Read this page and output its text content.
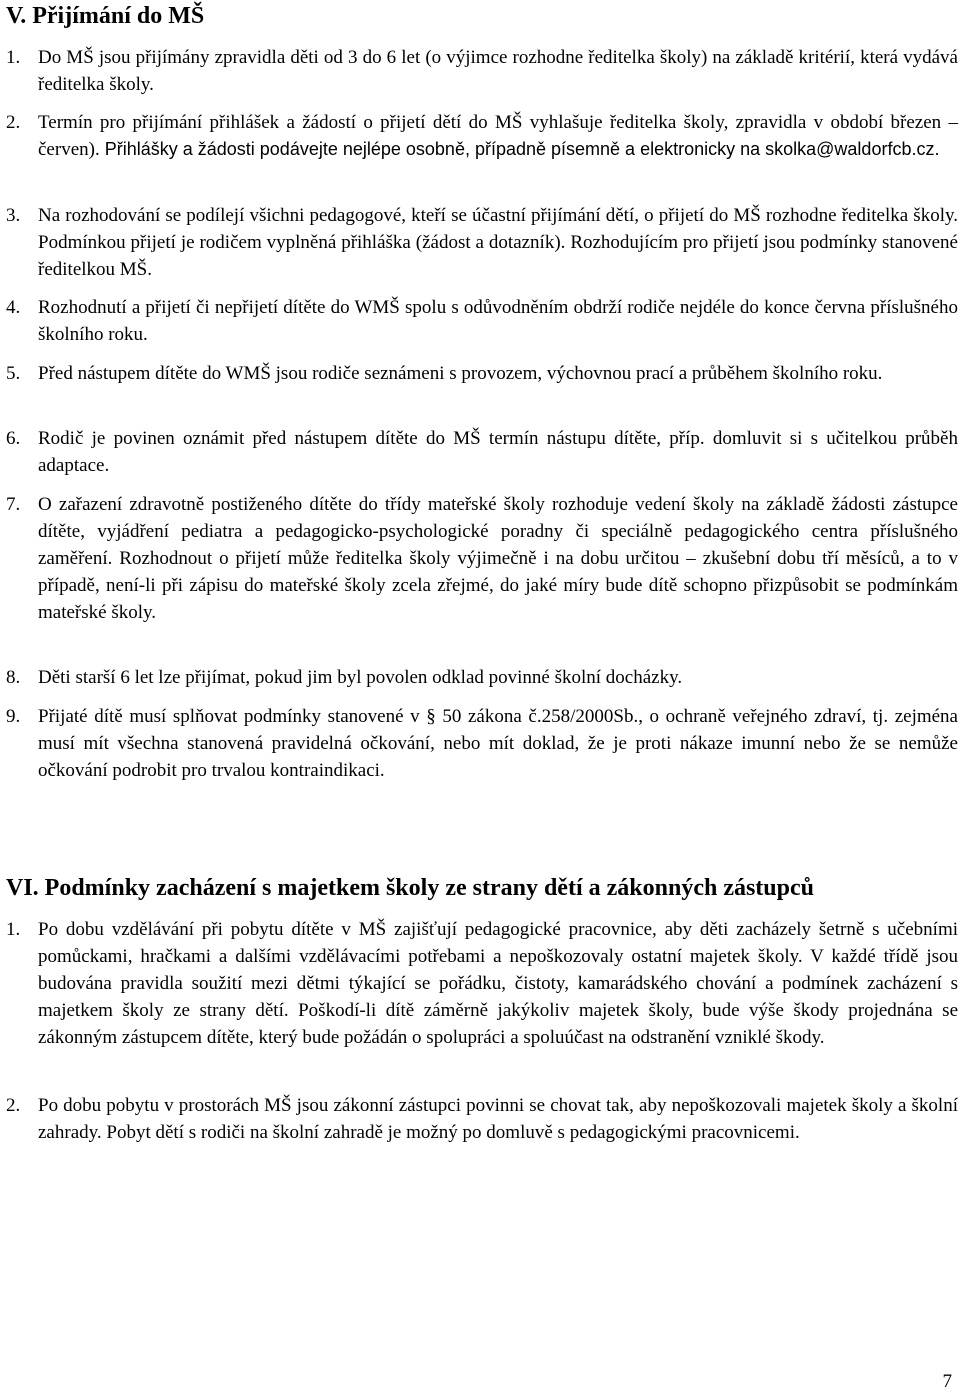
V. Přijímání do MŠ
1. Do MŠ jsou přijímány zpravidla děti od 3 do 6 let (o výjimce rozhodne ředitelka školy) na základě kritérií, která vydává ředitelka školy.
2. Termín pro přijímání přihlášek a žádostí o přijetí dětí do MŠ vyhlašuje ředitelka školy, zpravidla v období březen – červen). Přihlášky a žádosti podávejte nejlépe osobně, případně písemně a elektronicky na skolka@waldorfcb.cz.
3. Na rozhodování se podílejí všichni pedagogové, kteří se účastní přijímání dětí, o přijetí do MŠ rozhodne ředitelka školy. Podmínkou přijetí je rodičem vyplněná přihláška (žádost a dotazník). Rozhodujícím pro přijetí jsou podmínky stanovené ředitelkou MŠ.
4. Rozhodnutí a přijetí či nepřijetí dítěte do WMŠ spolu s odůvodněním obdrží rodiče nejdéle do konce června příslušného školního roku.
5. Před nástupem dítěte do WMŠ jsou rodiče seznámeni s provozem, výchovnou prací a průběhem školního roku.
6. Rodič je povinen oznámit před nástupem dítěte do MŠ termín nástupu dítěte, příp. domluvit si s učitelkou průběh adaptace.
7. O zařazení zdravotně postiženého dítěte do třídy mateřské školy rozhoduje vedení školy na základě žádosti zástupce dítěte, vyjádření pediatra a pedagogicko-psychologické poradny či speciálně pedagogického centra příslušného zaměření. Rozhodnout o přijetí může ředitelka školy výjimečně i na dobu určitou – zkušební dobu tří měsíců, a to v případě, není-li při zápisu do mateřské školy zcela zřejmé, do jaké míry bude dítě schopno přizpůsobit se podmínkám mateřské školy.
8. Děti starší 6 let lze přijímat, pokud jim byl povolen odklad povinné školní docházky.
9. Přijaté dítě musí splňovat podmínky stanovené v § 50 zákona č.258/2000Sb., o ochraně veřejného zdraví, tj. zejména musí mít všechna stanovená pravidelná očkování, nebo mít doklad, že je proti nákaze imunní nebo že se nemůže očkování podrobit pro trvalou kontraindikaci.
VI. Podmínky zacházení s majetkem školy ze strany dětí a zákonných zástupců
1. Po dobu vzdělávání při pobytu dítěte v MŠ zajišťují pedagogické pracovnice, aby děti zacházely šetrně s učebními pomůckami, hračkami a dalšími vzdělávacími potřebami a nepoškozovaly ostatní majetek školy. V každé třídě jsou budována pravidla soužití mezi dětmi týkající se pořádku, čistoty, kamarádského chování a podmínek zacházení s majetkem školy ze strany dětí. Poškodí-li dítě záměrně jakýkoliv majetek školy, bude výše škody projednána se zákonným zástupcem dítěte, který bude požádán o spolupráci a spoluúčast na odstranění vzniklé škody.
2. Po dobu pobytu v prostorách MŠ jsou zákonní zástupci povinni se chovat tak, aby nepoškozovali majetek školy a školní zahrady. Pobyt dětí s rodiči na školní zahradě je možný po domluvě s pedagogickými pracovnicemi.
7
